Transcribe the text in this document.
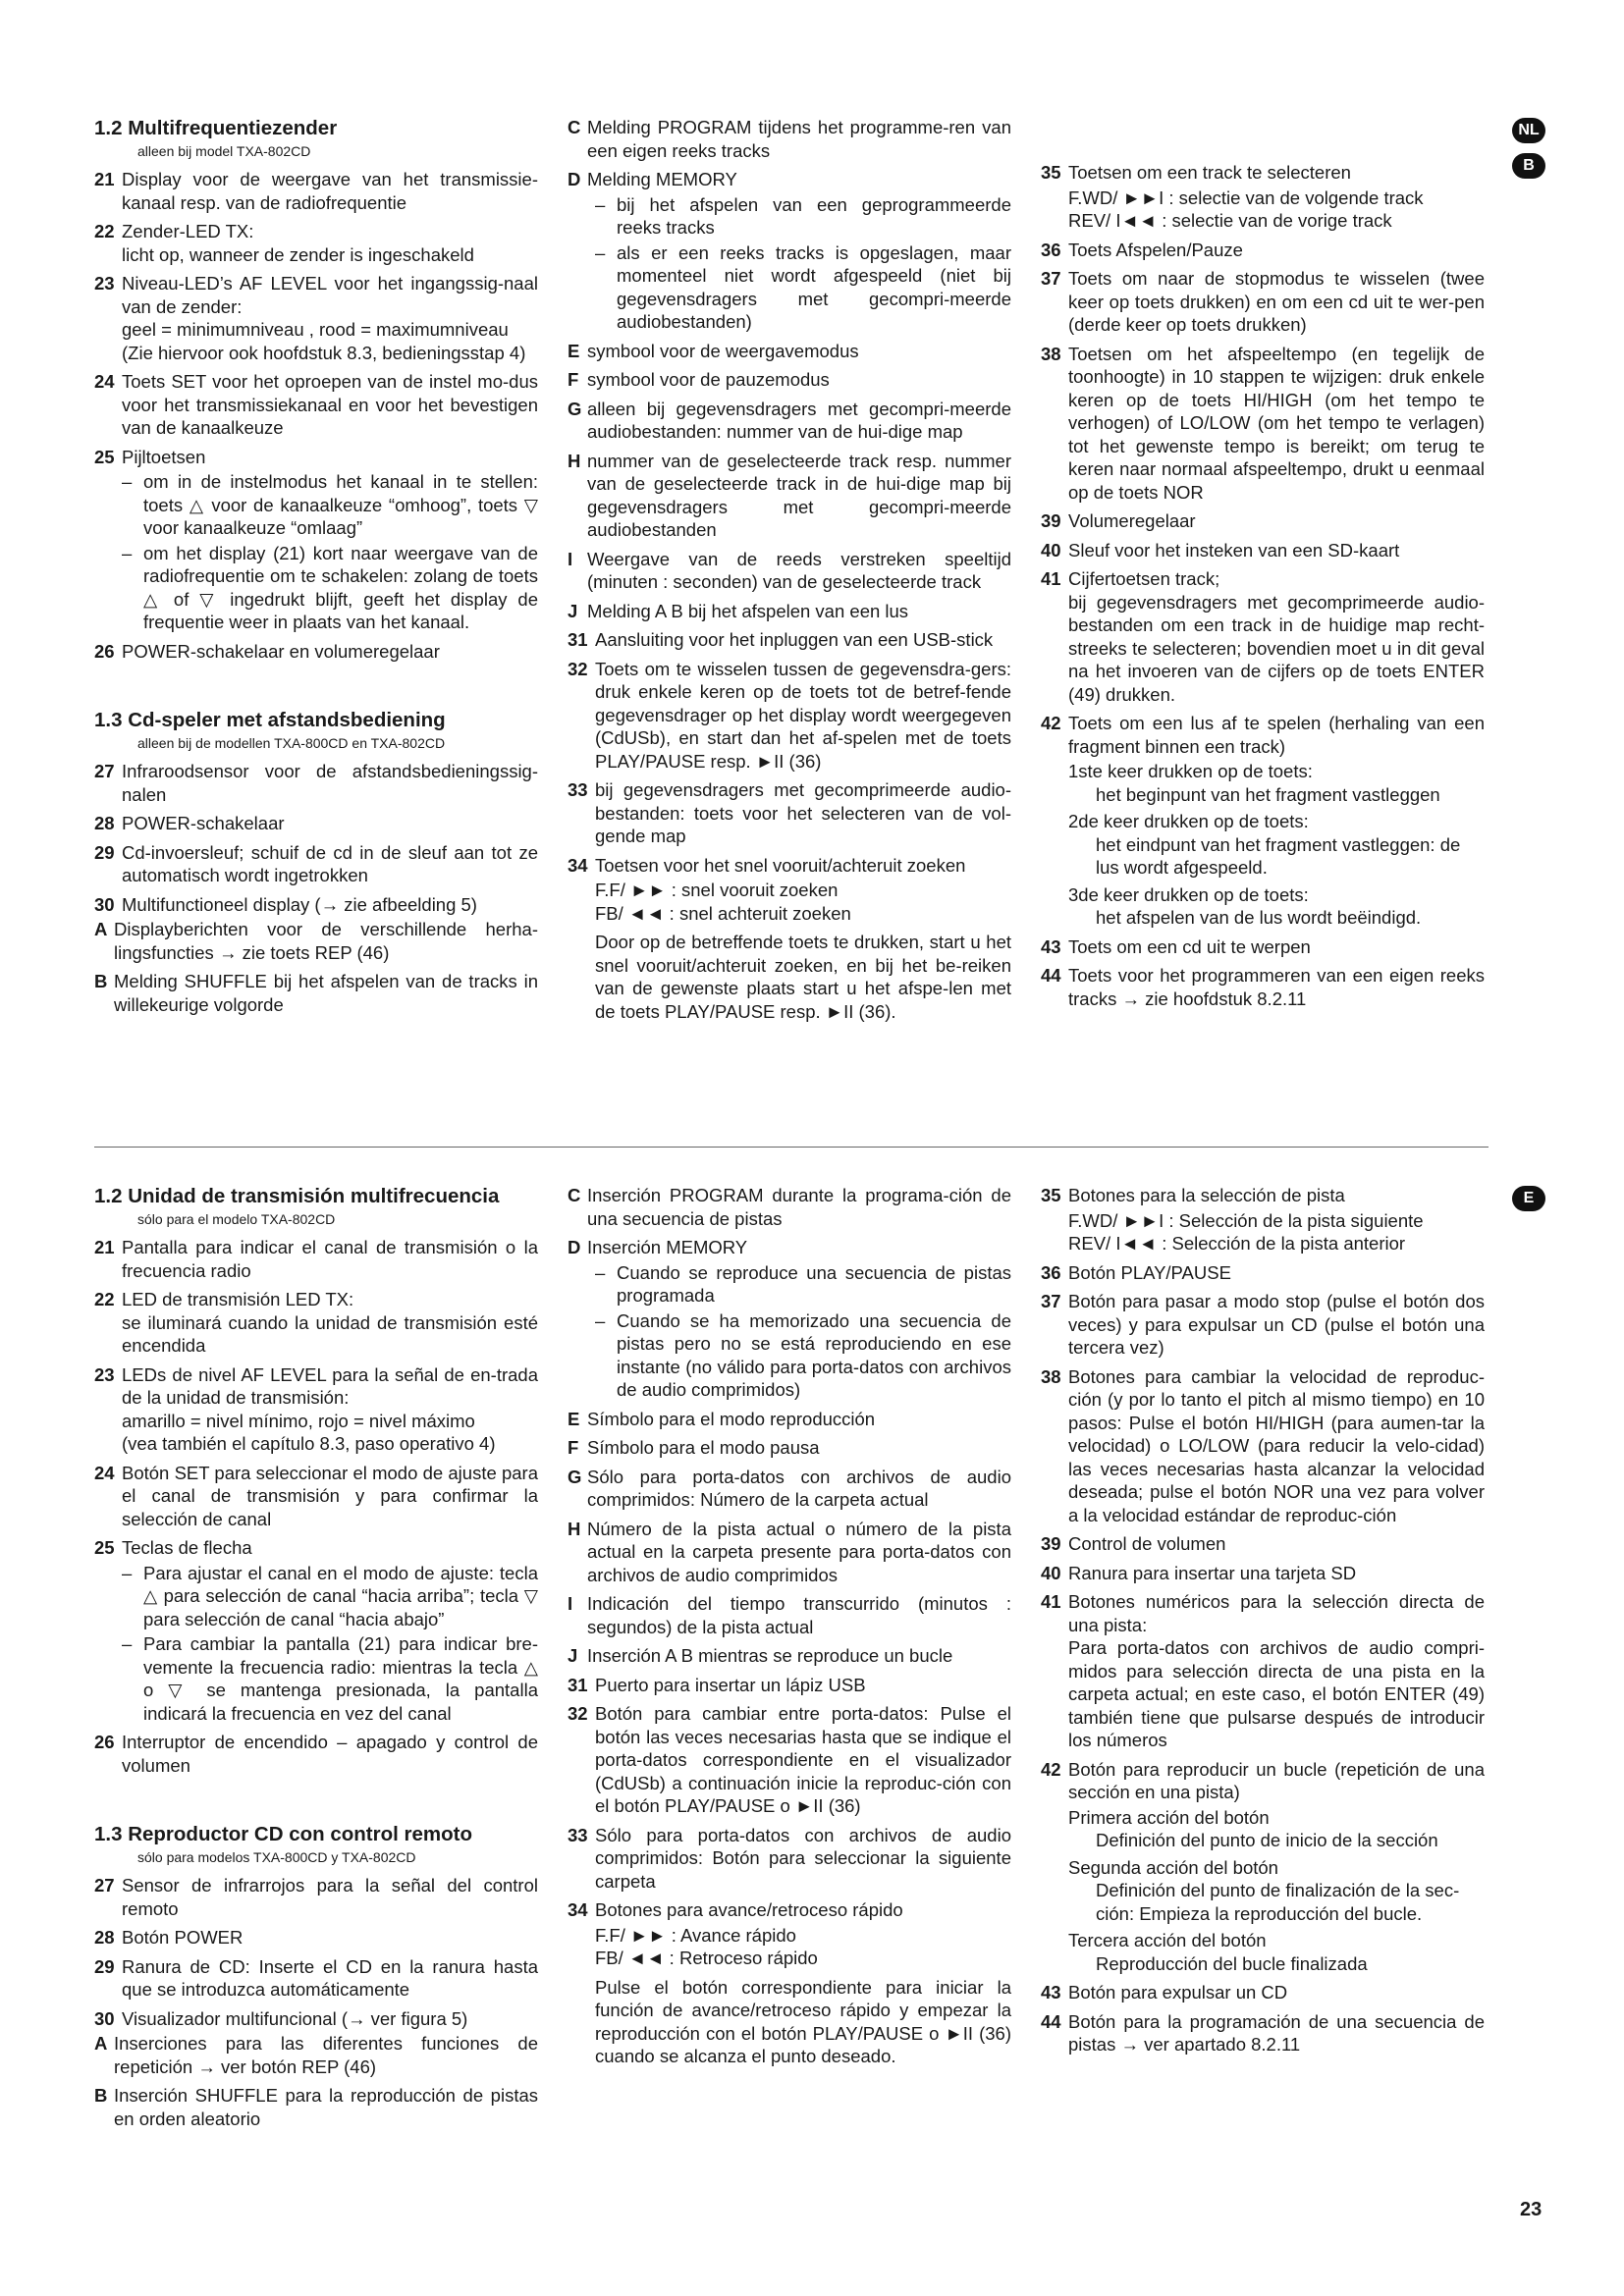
1.2 Multifrequentiezender
alleen bij model TXA-802CD
21 Display voor de weergave van het transmissie-kanaal resp. van de radiofrequentie
22 Zender-LED TX:
licht op, wanneer de zender is ingeschakeld
23 Niveau-LED’s AF LEVEL voor het ingangssig-naal van de zender:
geel = minimumniveau , rood = maximumniveau
(Zie hiervoor ook hoofdstuk 8.3, bedieningsstap 4)
24 Toets SET voor het oproepen van de instel mo-dus voor het transmissiekanaal en voor het bevestigen van de kanaalkeuze
25 Pijltoetsen
– om in de instelmodus het kanaal in te stellen: toets △ voor de kanaalkeuze “omhoog”, toets ▽ voor kanaalkeuze “omlaag”
– om het display (21) kort naar weergave van de radiofrequentie om te schakelen: zolang de toets △ of ▽ ingedrukt blijft, geeft het display de frequentie weer in plaats van het kanaal.
26 POWER-schakelaar en volumeregelaar
1.3 Cd-speler met afstandsbediening
alleen bij de modellen TXA-800CD en TXA-802CD
27 Infraroodsensor voor de afstandsbedieningssig-nalen
28 POWER-schakelaar
29 Cd-invoersleuf; schuif de cd in de sleuf aan tot ze automatisch wordt ingetrokken
30 Multifunctioneel display (→ zie afbeelding 5)
A Displayberichten voor de verschillende herha-lingsfuncties → zie toets REP (46)
B Melding SHUFFLE bij het afspelen van de tracks in willekeurige volgorde
C Melding PROGRAM tijdens het programme-ren van een eigen reeks tracks
D Melding MEMORY
– bij het afspelen van een geprogrammeerde reeks tracks
– als er een reeks tracks is opgeslagen, maar momenteel niet wordt afgespeeld (niet bij gegevensdragers met gecompri-meerde audiobestanden)
E symbool voor de weergavemodus
F symbool voor de pauzemodus
G alleen bij gegevensdragers met gecompri-meerde audiobestanden: nummer van de hui-dige map
H nummer van de geselecteerde track resp. nummer van de geselecteerde track in de hui-dige map bij gegevensdragers met gecompri-meerde audiobestanden
I Weergave van de reeds verstreken speeltijd (minuten : seconden) van de geselecteerde track
J Melding A B bij het afspelen van een lus
31 Aansluiting voor het inpluggen van een USB-stick
32 Toets om te wisselen tussen de gegevensdra-gers: druk enkele keren op de toets tot de betref-fende gegevensdrager op het display wordt weergegeven (CdUSb), en start dan het af-spelen met de toets PLAY/PAUSE resp. ►II (36)
33 bij gegevensdragers met gecomprimeerde audio-bestanden: toets voor het selecteren van de vol-gende map
34 Toetsen voor het snel vooruit/achteruit zoeken
F.F/ ►► : snel vooruit zoeken
FB/ ◄◄ : snel achteruit zoeken
Door op de betreffende toets te drukken, start u het snel vooruit/achteruit zoeken, en bij het be-reiken van de gewenste plaats start u het afspe-len met de toets PLAY/PAUSE resp. ►II (36).
35 Toetsen om een track te selecteren
F.WD/ ►►I : selectie van de volgende track
REV/ I◄◄ : selectie van de vorige track
36 Toets Afspelen/Pauze
37 Toets om naar de stopmodus te wisselen (twee keer op toets drukken) en om een cd uit te wer-pen (derde keer op toets drukken)
38 Toetsen om het afspeeltempo (en tegelijk de toonhoogte) in 10 stappen te wijzigen: druk enkele keren op de toets HI/HIGH (om het tempo te verhogen) of LO/LOW (om het tempo te verlagen) tot het gewenste tempo is bereikt; om terug te keren naar normaal afspeeltempo, drukt u eenmaal op de toets NOR
39 Volumeregelaar
40 Sleuf voor het insteken van een SD-kaart
41 Cijfertoetsen track;
bij gegevensdragers met gecomprimeerde audio-bestanden om een track in de huidige map recht-streeks te selecteren; bovendien moet u in dit geval na het invoeren van de cijfers op de toets ENTER (49) drukken.
42 Toets om een lus af te spelen (herhaling van een fragment binnen een track)
1ste keer drukken op de toets:
het beginpunt van het fragment vastleggen
2de keer drukken op de toets:
het eindpunt van het fragment vastleggen: de lus wordt afgespeeld.
3de keer drukken op de toets:
het afspelen van de lus wordt beëindigd.
43 Toets om een cd uit te werpen
44 Toets voor het programmeren van een eigen reeks tracks → zie hoofdstuk 8.2.11
NL
B
1.2 Unidad de transmisión multifrecuencia
sólo para el modelo TXA-802CD
21 Pantalla para indicar el canal de transmisión o la frecuencia radio
22 LED de transmisión LED TX:
se iluminará cuando la unidad de transmisión esté encendida
23 LEDs de nivel AF LEVEL para la señal de en-trada de la unidad de transmisión:
amarillo = nivel mínimo, rojo = nivel máximo
(vea también el capítulo 8.3, paso operativo 4)
24 Botón SET para seleccionar el modo de ajuste para el canal de transmisión y para confirmar la selección de canal
25 Teclas de flecha
– Para ajustar el canal en el modo de ajuste: tecla △ para selección de canal “hacia arriba”; tecla ▽ para selección de canal “hacia abajo”
– Para cambiar la pantalla (21) para indicar bre-vemente la frecuencia radio: mientras la tecla △ o ▽ se mantenga presionada, la pantalla indicará la frecuencia en vez del canal
26 Interruptor de encendido – apagado y control de volumen
1.3 Reproductor CD con control remoto
sólo para modelos TXA-800CD y TXA-802CD
27 Sensor de infrarrojos para la señal del control remoto
28 Botón POWER
29 Ranura de CD: Inserte el CD en la ranura hasta que se introduzca automáticamente
30 Visualizador multifuncional (→ ver figura 5)
A Inserciones para las diferentes funciones de repetición → ver botón REP (46)
B Inserción SHUFFLE para la reproducción de pistas en orden aleatorio
C Inserción PROGRAM durante la programa-ción de una secuencia de pistas
D Inserción MEMORY
– Cuando se reproduce una secuencia de pistas programada
– Cuando se ha memorizado una secuencia de pistas pero no se está reproduciendo en ese instante (no válido para porta-datos con archivos de audio comprimidos)
E Símbolo para el modo reproducción
F Símbolo para el modo pausa
G Sólo para porta-datos con archivos de audio comprimidos: Número de la carpeta actual
H Número de la pista actual o número de la pista actual en la carpeta presente para porta-datos con archivos de audio comprimidos
I Indicación del tiempo transcurrido (minutos : segundos) de la pista actual
J Inserción A B mientras se reproduce un bucle
31 Puerto para insertar un lápiz USB
32 Botón para cambiar entre porta-datos: Pulse el botón las veces necesarias hasta que se indique el porta-datos correspondiente en el visualizador (CdUSb) a continuación inicie la reproduc-ción con el botón PLAY/PAUSE o ►II (36)
33 Sólo para porta-datos con archivos de audio comprimidos: Botón para seleccionar la siguiente carpeta
34 Botones para avance/retroceso rápido
F.F/ ►► : Avance rápido
FB/ ◄◄ : Retroceso rápido
Pulse el botón correspondiente para iniciar la función de avance/retroceso rápido y empezar la reproducción con el botón PLAY/PAUSE o ►II (36) cuando se alcanza el punto deseado.
35 Botones para la selección de pista
F.WD/ ►►I : Selección de la pista siguiente
REV/ I◄◄ : Selección de la pista anterior
36 Botón PLAY/PAUSE
37 Botón para pasar a modo stop (pulse el botón dos veces) y para expulsar un CD (pulse el botón una tercera vez)
38 Botones para cambiar la velocidad de reproduc-ción (y por lo tanto el pitch al mismo tiempo) en 10 pasos: Pulse el botón HI/HIGH (para aumen-tar la velocidad) o LO/LOW (para reducir la velo-cidad) las veces necesarias hasta alcanzar la velocidad deseada; pulse el botón NOR una vez para volver a la velocidad estándar de reproduc-ción
39 Control de volumen
40 Ranura para insertar una tarjeta SD
41 Botones numéricos para la selección directa de una pista:
Para porta-datos con archivos de audio compri-midos para selección directa de una pista en la carpeta actual; en este caso, el botón ENTER (49) también tiene que pulsarse después de introducir los números
42 Botón para reproducir un bucle (repetición de una sección en una pista)
Primera acción del botón
Definición del punto de inicio de la sección
Segunda acción del botón
Definición del punto de finalización de la sec-ción: Empieza la reproducción del bucle.
Tercera acción del botón
Reproducción del bucle finalizada
43 Botón para expulsar un CD
44 Botón para la programación de una secuencia de pistas → ver apartado 8.2.11
E
23
